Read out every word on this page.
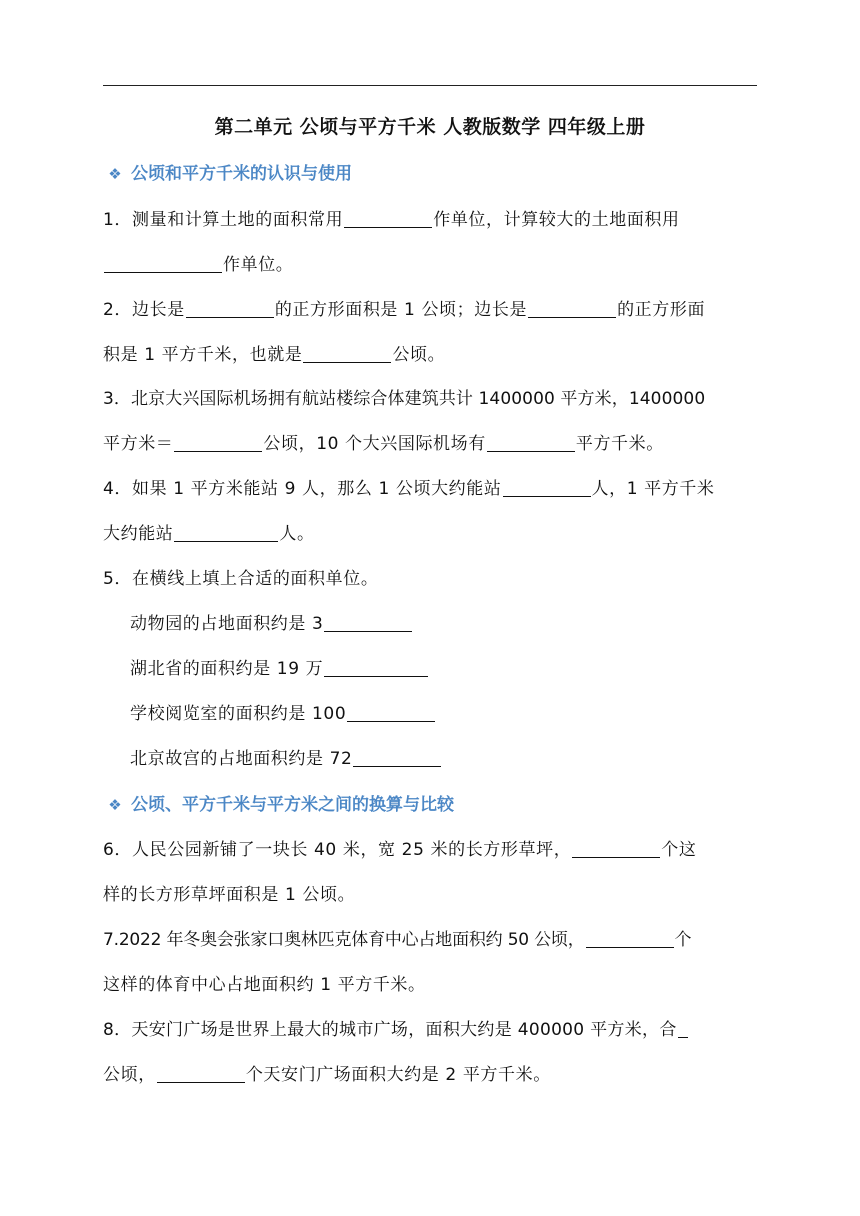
第二单元 公顷与平方千米 人教版数学 四年级上册
❖ 公顷和平方千米的认识与使用
1．测量和计算土地的面积常用	作单位，计算较大的土地面积用
作单位。
2．边长是	的正方形面积是 1 公顷；边长是	的正方形面
积是 1 平方千米，也就是	公顷。
3．北京大兴国际机场拥有航站楼综合体建筑共计 1400000 平方米，1400000
平方米＝	公顷，10 个大兴国际机场有	平方千米。
4．如果 1 平方米能站 9 人，那么 1 公顷大约能站	人，1 平方千米
大约能站	人。
5．在横线上填上合适的面积单位。
动物园的占地面积约是 3
湖北省的面积约是 19 万
学校阅览室的面积约是 100
北京故宫的占地面积约是 72
❖ 公顷、平方千米与平方米之间的换算与比较
6．人民公园新铺了一块长 40 米，宽 25 米的长方形草坪，	个这
样的长方形草坪面积是 1 公顷。
7.2022 年冬奥会张家口奥林匹克体育中心占地面积约 50 公顷，	个
这样的体育中心占地面积约 1 平方千米。
8．天安门广场是世界上最大的城市广场，面积大约是 400000 平方米，合
公顷，	个天安门广场面积大约是 2 平方千米。
